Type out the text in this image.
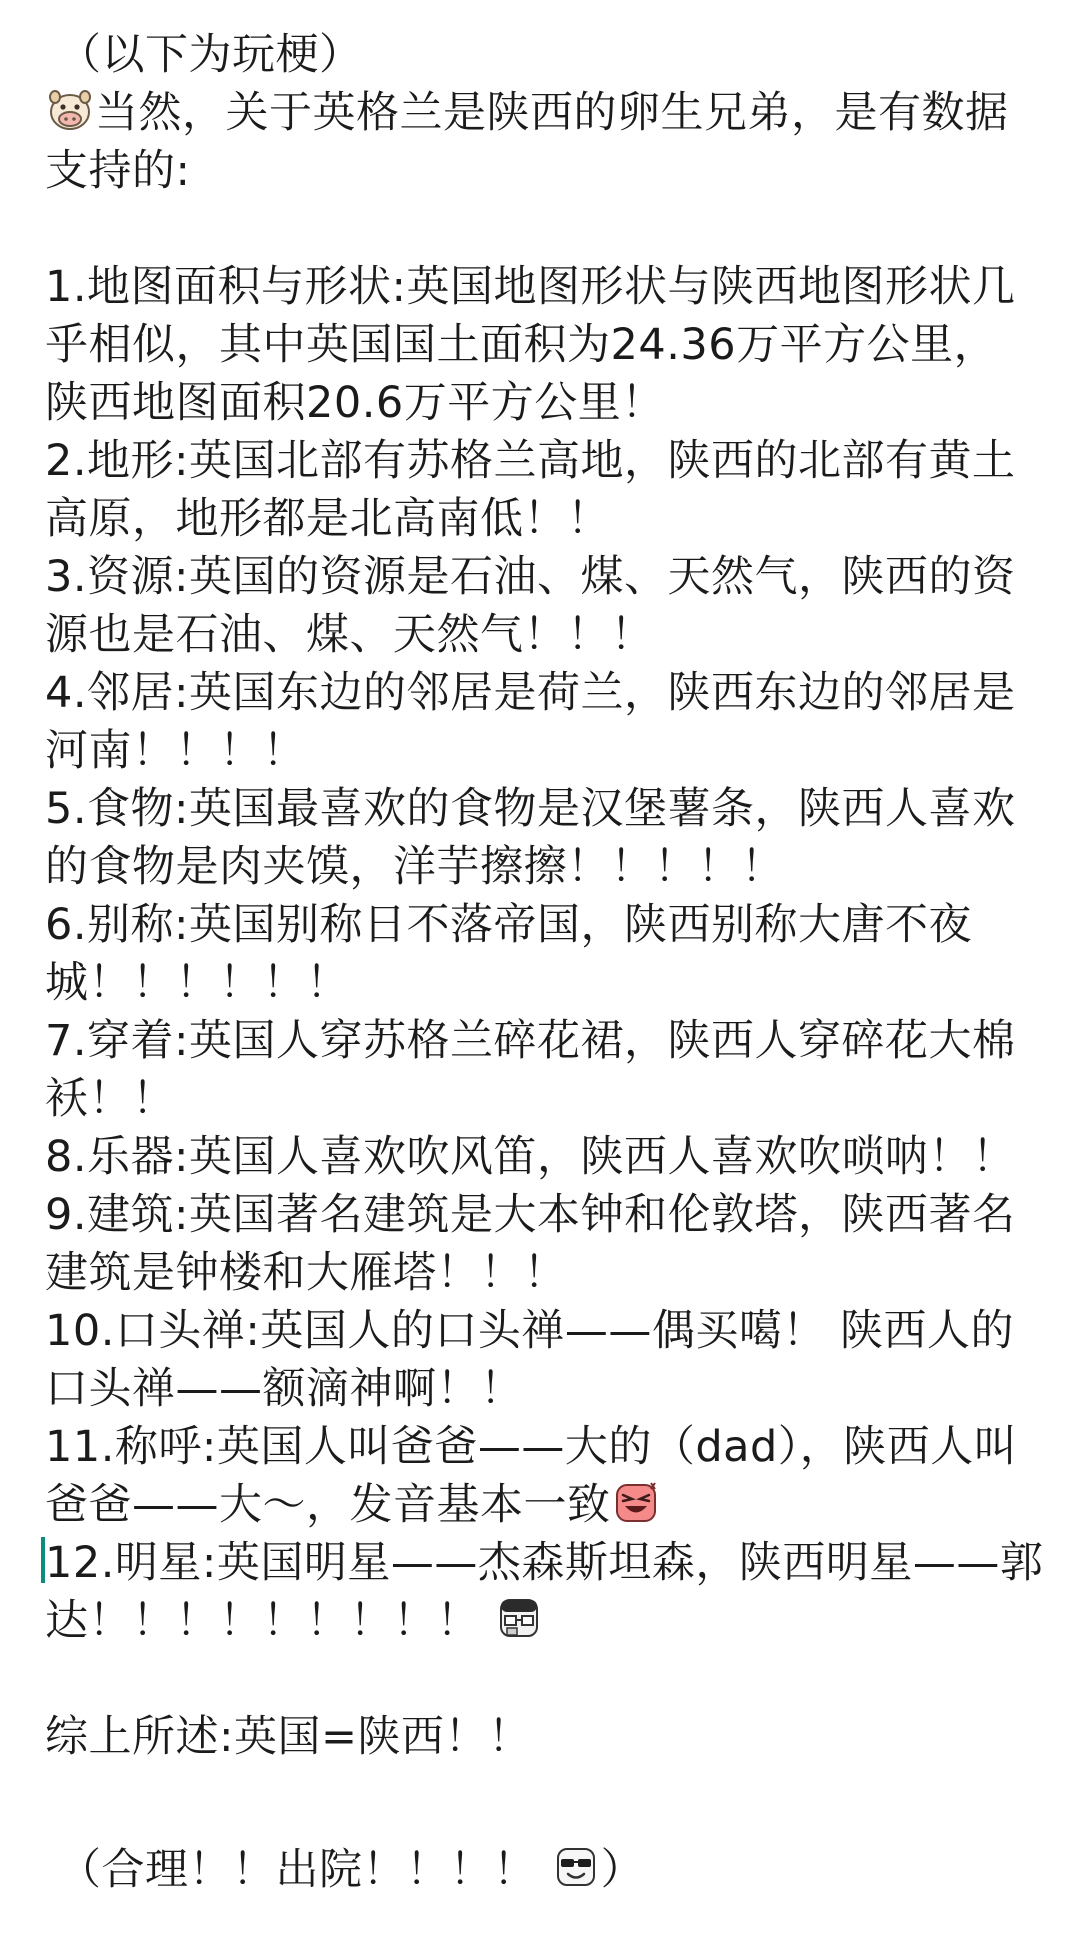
（以下为玩梗）
当然，关于英格兰是陕西的卵生兄弟，是有数据
支持的:
1.地图面积与形状:英国地图形状与陕西地图形状几
乎相似，其中英国国土面积为24.36万平方公里，
陕西地图面积20.6万平方公里！
2.地形:英国北部有苏格兰高地，陕西的北部有黄土
高原，地形都是北高南低！！
3.资源:英国的资源是石油、煤、天然气，陕西的资
源也是石油、煤、天然气！！！
4.邻居:英国东边的邻居是荷兰，陕西东边的邻居是
河南！！！！
5.食物:英国最喜欢的食物是汉堡薯条，陕西人喜欢
的食物是肉夹馍，洋芋擦擦！！！！！
6.别称:英国别称日不落帝国，陕西别称大唐不夜
城！！！！！！
7.穿着:英国人穿苏格兰碎花裙，陕西人穿碎花大棉
袄！！
8.乐器:英国人喜欢吹风笛，陕西人喜欢吹唢呐！！
9.建筑:英国著名建筑是大本钟和伦敦塔，陕西著名
建筑是钟楼和大雁塔！！！
10.口头禅:英国人的口头禅——偶买噶！ 陕西人的
口头禅——额滴神啊！！
11.称呼:英国人叫爸爸——大的（dad），陕西人叫
爸爸——大～，发音基本一致
12.明星:英国明星——杰森斯坦森，陕西明星——郭
达！！！！！！！！！
综上所述:英国=陕西！！
（合理！！出院！！！！ ）
